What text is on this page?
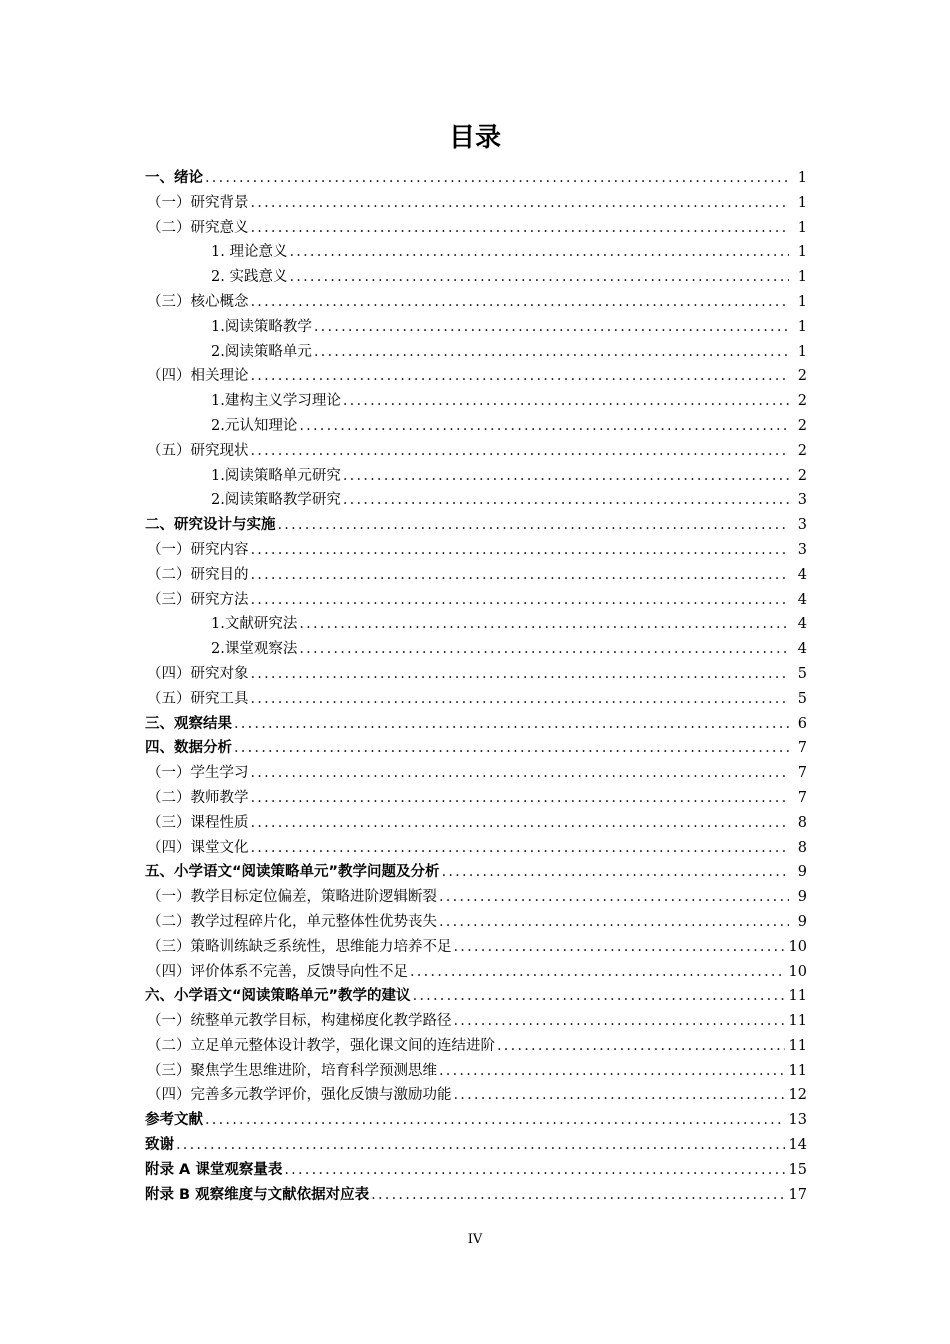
目录
一、绪论 .....	1
（一）研究背景 .....	1
（二）研究意义 .....	1
1. 理论意义 .....	1
2. 实践意义 .....	1
（三）核心概念 .....	1
1.阅读策略教学 .....	1
2.阅读策略单元 .....	1
（四）相关理论 .....	2
1.建构主义学习理论 .....	2
2.元认知理论 .....	2
（五）研究现状 .....	2
1.阅读策略单元研究 .....	2
2.阅读策略教学研究 .....	3
二、研究设计与实施 .....	3
（一）研究内容 .....	3
（二）研究目的 .....	4
（三）研究方法 .....	4
1.文献研究法 .....	4
2.课堂观察法 .....	4
（四）研究对象 .....	5
（五）研究工具 .....	5
三、观察结果 .....	6
四、数据分析 .....	7
（一）学生学习 .....	7
（二）教师教学 .....	7
（三）课程性质 .....	8
（四）课堂文化 .....	8
五、小学语文“阅读策略单元”教学问题及分析 .....	9
（一）教学目标定位偏差，策略进阶逻辑断裂 .....	9
（二）教学过程碎片化，单元整体性优势丧失 .....	9
（三）策略训练缺乏系统性，思维能力培养不足 .....	10
（四）评价体系不完善，反馈导向性不足 .....	10
六、小学语文“阅读策略单元”教学的建议 .....	11
（一）统整单元教学目标，构建梯度化教学路径 .....	11
（二）立足单元整体设计教学，强化课文间的连结进阶 .....	11
（三）聚焦学生思维进阶，培育科学预测思维 .....	11
（四）完善多元教学评价，强化反馈与激励功能 .....	12
参考文献 .....	13
致谢 .....	14
附录 A 课堂观察量表 .....	15
附录 B 观察维度与文献依据对应表 .....	17
IV
